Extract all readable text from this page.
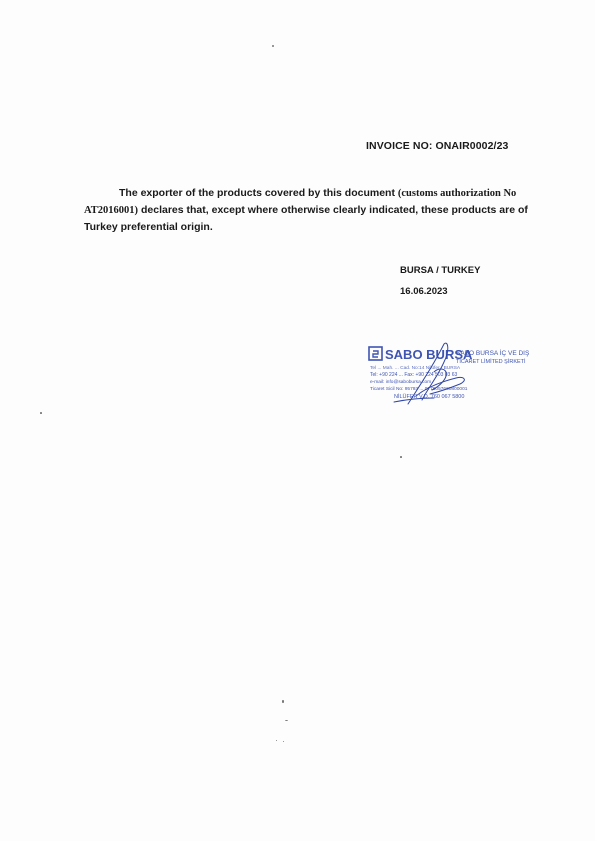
INVOICE NO: ONAIR0002/23
The exporter of the products covered by this document (customs authorization No
AT2016001) declares that, except where otherwise clearly indicated, these products are of
Turkey preferential origin.
BURSA / TURKEY
16.06.2023
SABO BURSA
SABO BURSA İÇ VE DIŞ
TİCARET LİMİTED ŞİRKETİ
Tel ... Mah. ... Cad. No:14 Nilüfer / BURSA
Tel: +90 224 ... Fax: +90 224 503 03 63
e-mail: info@sabobursa.com
Ticaret Sicil No: 95793 ... 0776057660800001
NİLÜFER V.D. 760 067 5800
